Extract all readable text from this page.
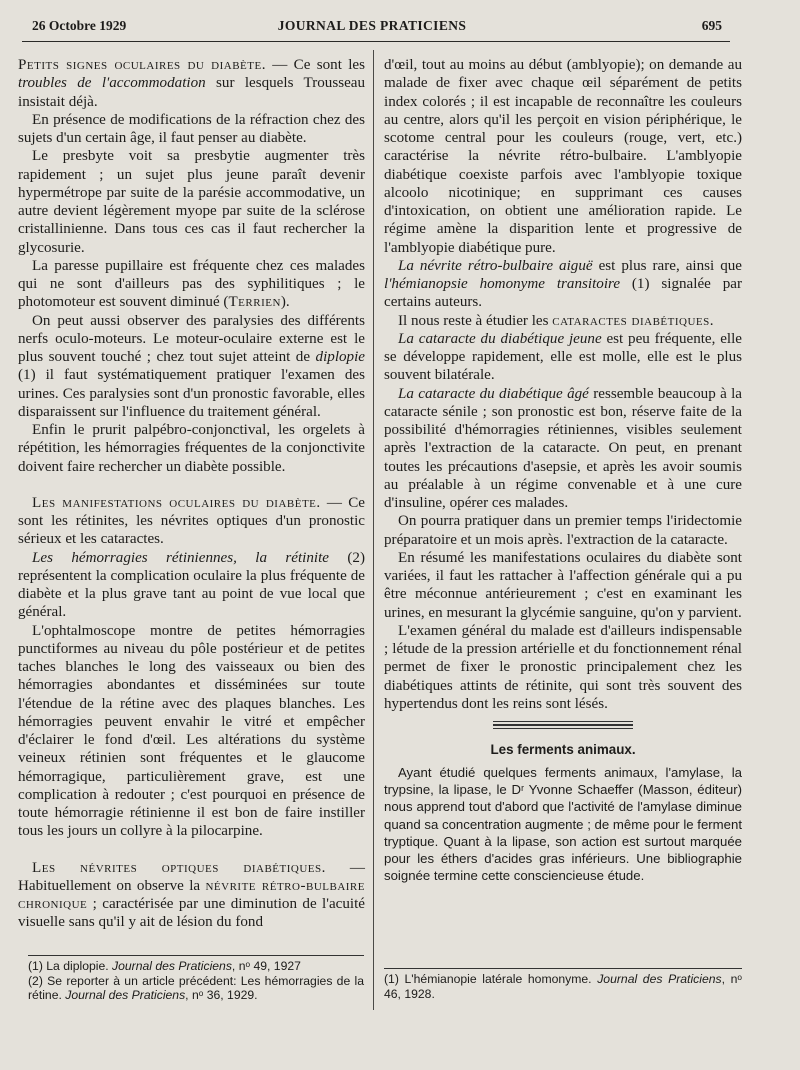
26 Octobre 1929	JOURNAL DES PRATICIENS	695

Petits signes oculaires du diabète. — Ce sont les troubles de l'accommodation sur lesquels Trousseau insistait déjà.

En présence de modifications de la réfraction chez des sujets d'un certain âge, il faut penser au diabète.

Le presbyte voit sa presbytie augmenter très rapidement ; un sujet plus jeune paraît devenir hypermétrope par suite de la parésie accommodative, un autre devient légèrement myope par suite de la sclérose cristallinienne. Dans tous ces cas il faut rechercher la glycosurie.

La paresse pupillaire est fréquente chez ces malades qui ne sont d'ailleurs pas des syphilitiques ; le photomoteur est souvent diminué (Terrien).

On peut aussi observer des paralysies des différents nerfs oculo-moteurs. Le moteur-oculaire externe est le plus souvent touché ; chez tout sujet atteint de diplopie (1) il faut systématiquement pratiquer l'examen des urines. Ces paralysies sont d'un pronostic favorable, elles disparaissent sur l'influence du traitement général.

Enfin le prurit palpébro-conjonctival, les orgelets à répétition, les hémorragies fréquentes de la conjonctivite doivent faire rechercher un diabète possible.

Les manifestations oculaires du diabète. — Ce sont les rétinites, les névrites optiques d'un pronostic sérieux et les cataractes.

Les hémorragies rétiniennes, la rétinite (2) représentent la complication oculaire la plus fréquente de diabète et la plus grave tant au point de vue local que général.

L'ophtalmoscope montre de petites hémorragies punctiformes au niveau du pôle postérieur et de petites taches blanches le long des vaisseaux ou bien des hémorragies abondantes et disséminées sur toute l'étendue de la rétine avec des plaques blanches. Les hémorragies peuvent envahir le vitré et empêcher d'éclairer le fond d'œil. Les altérations du système veineux rétinien sont fréquentes et le glaucome hémorragique, particulièrement grave, est une complication à redouter ; c'est pourquoi en présence de toute hémorragie rétinienne il est bon de faire instiller tous les jours un collyre à la pilocarpine.

Les névrites optiques diabétiques. — Habituellement on observe la névrite rétro-bulbaire chronique ; caractérisée par une diminution de l'acuité visuelle sans qu'il y ait de lésion du fond

d'œil, tout au moins au début (amblyopie); on demande au malade de fixer avec chaque œil séparément de petits index colorés ; il est incapable de reconnaître les couleurs au centre, alors qu'il les perçoit en vision périphérique, le scotome central pour les couleurs (rouge, vert, etc.) caractérise la névrite rétro-bulbaire. L'amblyopie diabétique coexiste parfois avec l'amblyopie toxique alcoolo nicotinique; en supprimant ces causes d'intoxication, on obtient une amélioration rapide. Le régime amène la disparition lente et progressive de l'amblyopie diabétique pure.

La névrite rétro-bulbaire aiguë est plus rare, ainsi que l'hémianopsie homonyme transitoire (1) signalée par certains auteurs.

Il nous reste à étudier les cataractes diabétiques.

La cataracte du diabétique jeune est peu fréquente, elle se développe rapidement, elle est molle, elle est le plus souvent bilatérale.

La cataracte du diabétique âgé ressemble beaucoup à la cataracte sénile ; son pronostic est bon, réserve faite de la possibilité d'hémorragies rétiniennes, visibles seulement après l'extraction de la cataracte. On peut, en prenant toutes les précautions d'asepsie, et après les avoir soumis au préalable à un régime convenable et à une cure d'insuline, opérer ces malades.

On pourra pratiquer dans un premier temps l'iridectomie préparatoire et un mois après. l'extraction de la cataracte.

En résumé les manifestations oculaires du diabète sont variées, il faut les rattacher à l'affection générale qui a pu être méconnue antérieurement ; c'est en examinant les urines, en mesurant la glycémie sanguine, qu'on y parvient.

L'examen général du malade est d'ailleurs indispensable ; létude de la pression artérielle et du fonctionnement rénal permet de fixer le pronostic principalement chez les diabétiques attints de rétinite, qui sont très souvent des hypertendus dont les reins sont lésés.

Les ferments animaux.

Ayant étudié quelques ferments animaux, l'amylase, la trypsine, la lipase, le Dʳ Yvonne Schaeffer (Masson, éditeur) nous apprend tout d'abord que l'activité de l'amylase diminue quand sa concentration augmente ; de même pour le ferment tryptique. Quant à la lipase, son action est surtout marquée pour les éthers d'acides gras inférieurs. Une bibliographie soignée termine cette consciencieuse étude.

(1) La diplopie. Journal des Praticiens, nᵒ 49, 1927

(2) Se reporter à un article précédent: Les hémorragies de la rétine. Journal des Praticiens, nᵒ 36, 1929.

(1) L'hémianopie latérale homonyme. Journal des Praticiens, nᵒ 46, 1928.
